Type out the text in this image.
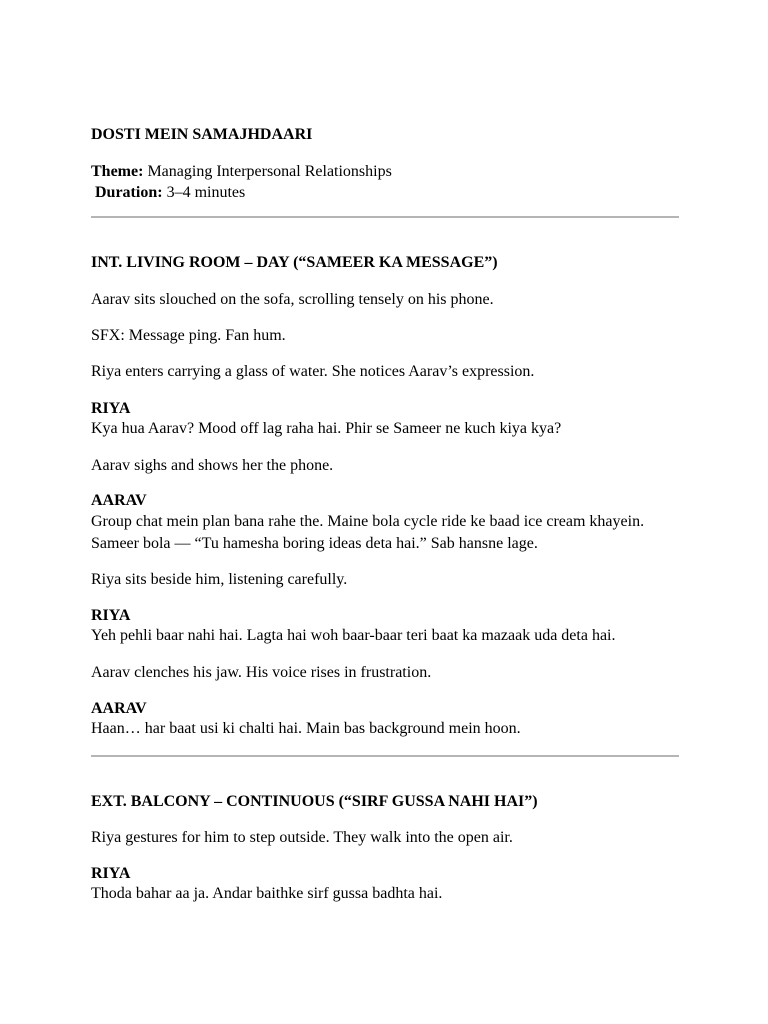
DOSTI MEIN SAMAJHDAARI
Theme: Managing Interpersonal Relationships
Duration: 3–4 minutes
INT. LIVING ROOM – DAY (“SAMEER KA MESSAGE”)
Aarav sits slouched on the sofa, scrolling tensely on his phone.
SFX: Message ping. Fan hum.
Riya enters carrying a glass of water. She notices Aarav’s expression.
RIYA
Kya hua Aarav? Mood off lag raha hai. Phir se Sameer ne kuch kiya kya?
Aarav sighs and shows her the phone.
AARAV
Group chat mein plan bana rahe the. Maine bola cycle ride ke baad ice cream khayein. Sameer bola — “Tu hamesha boring ideas deta hai.” Sab hansne lage.
Riya sits beside him, listening carefully.
RIYA
Yeh pehli baar nahi hai. Lagta hai woh baar-baar teri baat ka mazaak uda deta hai.
Aarav clenches his jaw. His voice rises in frustration.
AARAV
Haan… har baat usi ki chalti hai. Main bas background mein hoon.
EXT. BALCONY – CONTINUOUS (“SIRF GUSSA NAHI HAI”)
Riya gestures for him to step outside. They walk into the open air.
RIYA
Thoda bahar aa ja. Andar baithke sirf gussa badhta hai.
